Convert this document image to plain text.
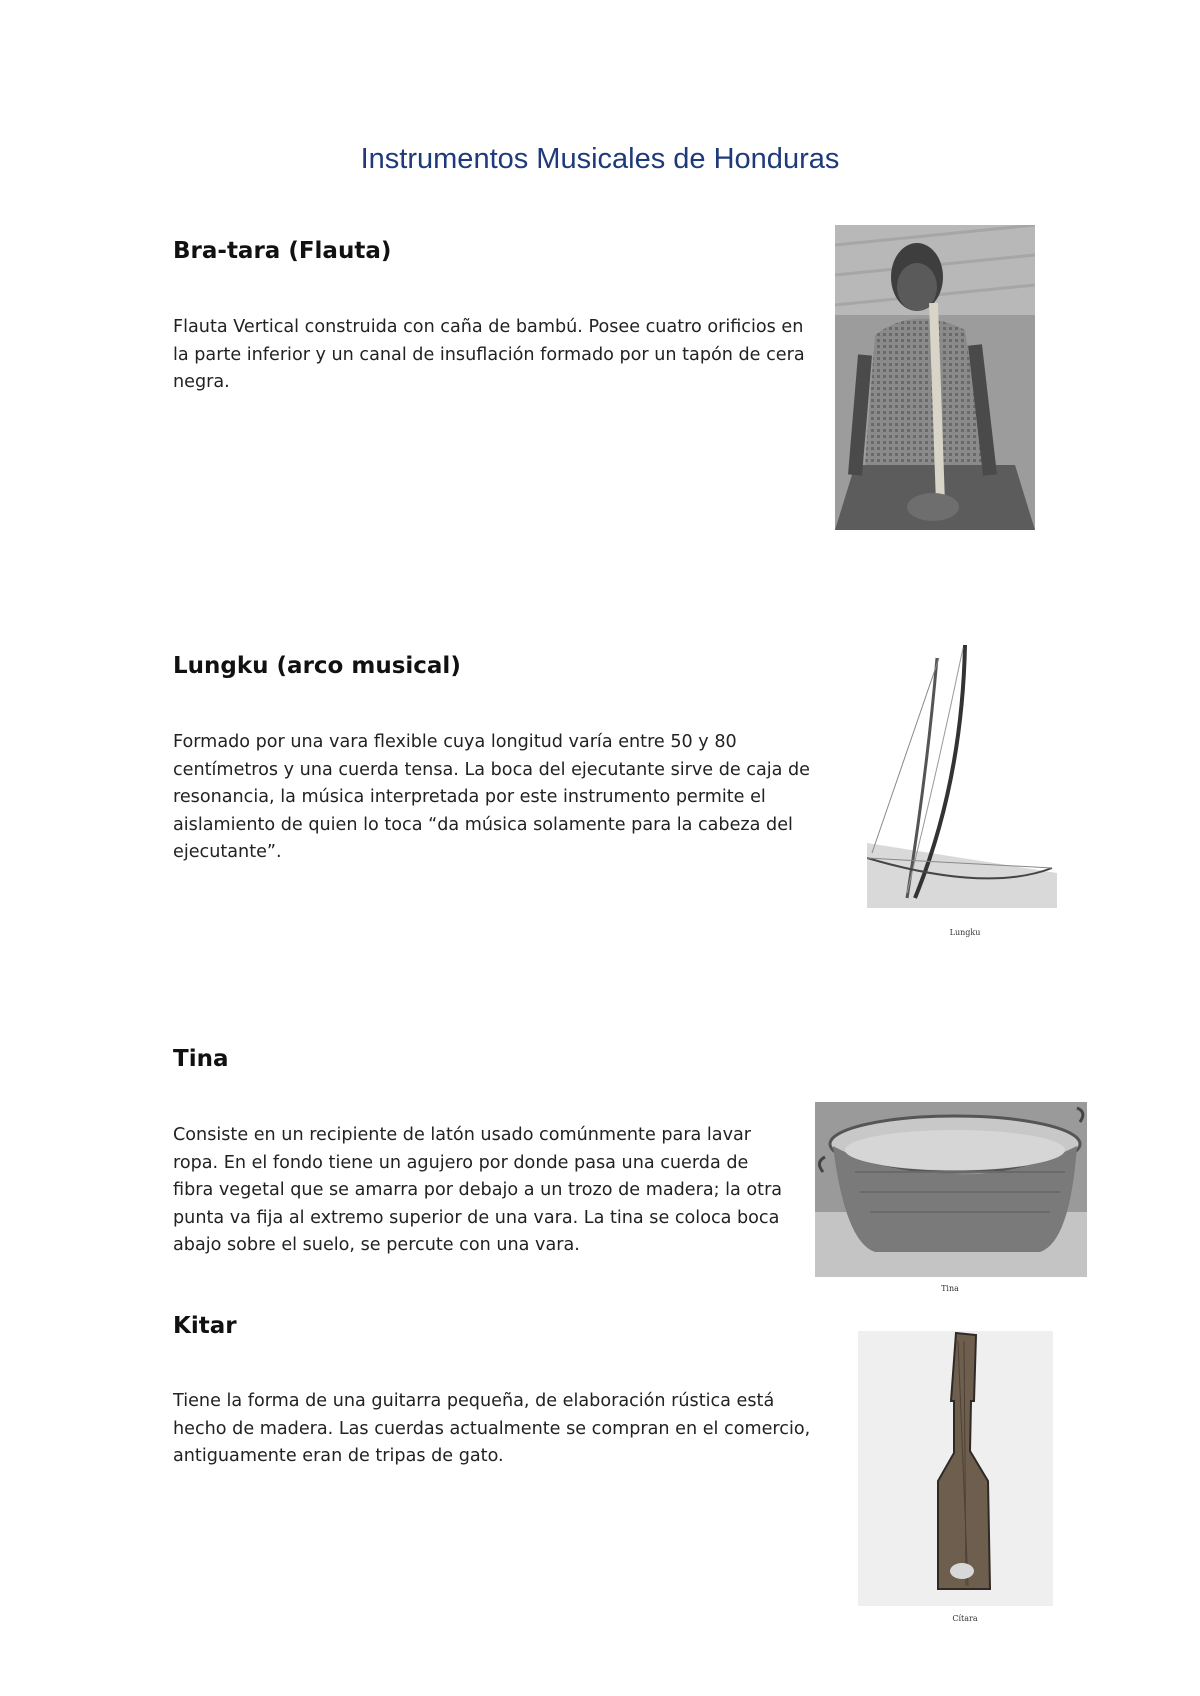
Instrumentos Musicales de Honduras
Bra-tara (Flauta)

Flauta Vertical construida con caña de bambú. Posee cuatro orificios en la parte inferior y un canal de insuflación formado por un tapón de cera negra.

Lungku (arco musical)

Formado por una vara flexible cuya longitud varía entre 50 y 80 centímetros y una cuerda tensa. La boca del ejecutante sirve de caja de resonancia, la música interpretada por este instrumento permite el aislamiento de quien lo toca “da música solamente para la cabeza del ejecutante”.

Lungku
Tina

Consiste en un recipiente de latón usado comúnmente para lavar ropa. En el fondo tiene un agujero por donde pasa una cuerda de fibra vegetal que se amarra por debajo a un trozo de madera; la otra punta va fija al extremo superior de una vara. La tina se coloca boca abajo sobre el suelo, se percute con una vara.

Tina
Kitar

Tiene la forma de una guitarra pequeña, de elaboración rústica está hecho de madera. Las cuerdas actualmente se compran en el comercio, antiguamente eran de tripas de gato.

Cítara
